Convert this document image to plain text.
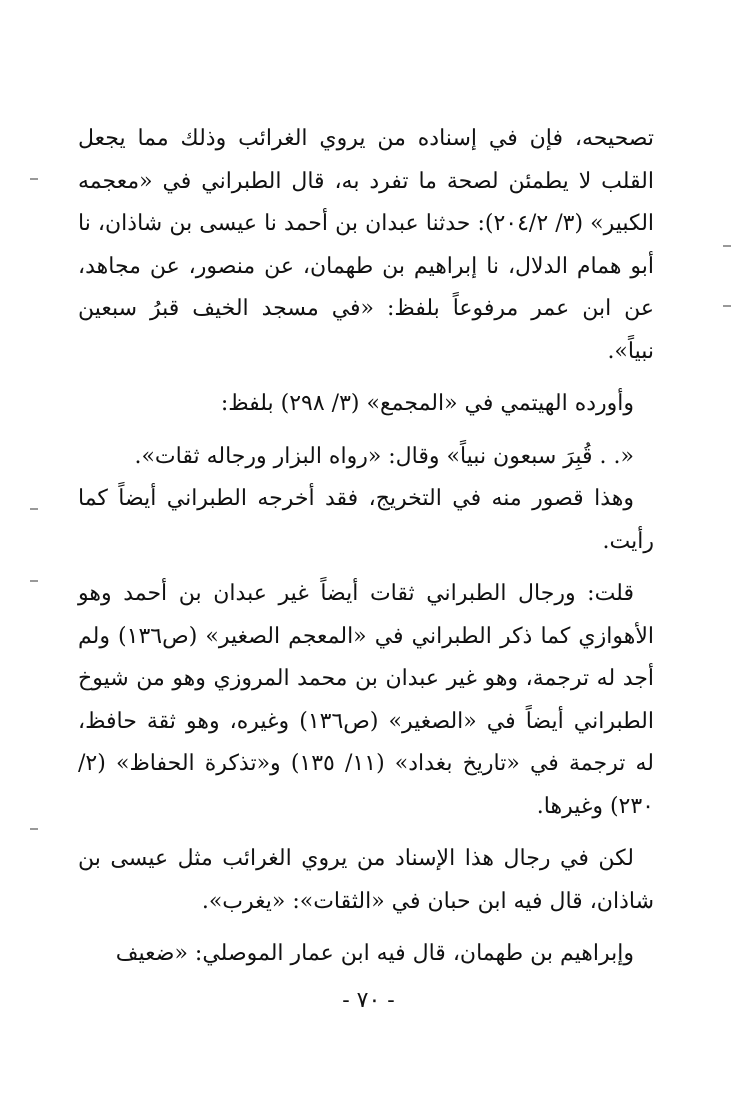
تصحيحه، فإن في إسناده من يروي الغرائب وذلك مما يجعل القلب لا يطمئن لصحة ما تفرد به، قال الطبراني في «معجمه الكبير» (٣/ ٢٠٤/٢): حدثنا عبدان بن أحمد نا عيسى بن شاذان، نا أبو همام الدلال، نا إبراهيم بن طهمان، عن منصور، عن مجاهد، عن ابن عمر مرفوعاً بلفظ: «في مسجد الخيف قبرُ سبعين نبياً».

وأورده الهيتمي في «المجمع» (٣/ ٢٩٨) بلفظ:

«. . قُبِرَ سبعون نبياً» وقال: «رواه البزار ورجاله ثقات».

وهذا قصور منه في التخريج، فقد أخرجه الطبراني أيضاً كما رأيت.

قلت: ورجال الطبراني ثقات أيضاً غير عبدان بن أحمد وهو الأهوازي كما ذكر الطبراني في «المعجم الصغير» (ص١٣٦) ولم أجد له ترجمة، وهو غير عبدان بن محمد المروزي وهو من شيوخ الطبراني أيضاً في «الصغير» (ص١٣٦) وغيره، وهو ثقة حافظ، له ترجمة في «تاريخ بغداد» (١١/ ١٣٥) و«تذكرة الحفاظ» (٢/ ٢٣٠) وغيرها.

لكن في رجال هذا الإسناد من يروي الغرائب مثل عيسى بن شاذان، قال فيه ابن حبان في «الثقات»: «يغرب».

وإبراهيم بن طهمان، قال فيه ابن عمار الموصلي: «ضعيف

- ٧٠ -
